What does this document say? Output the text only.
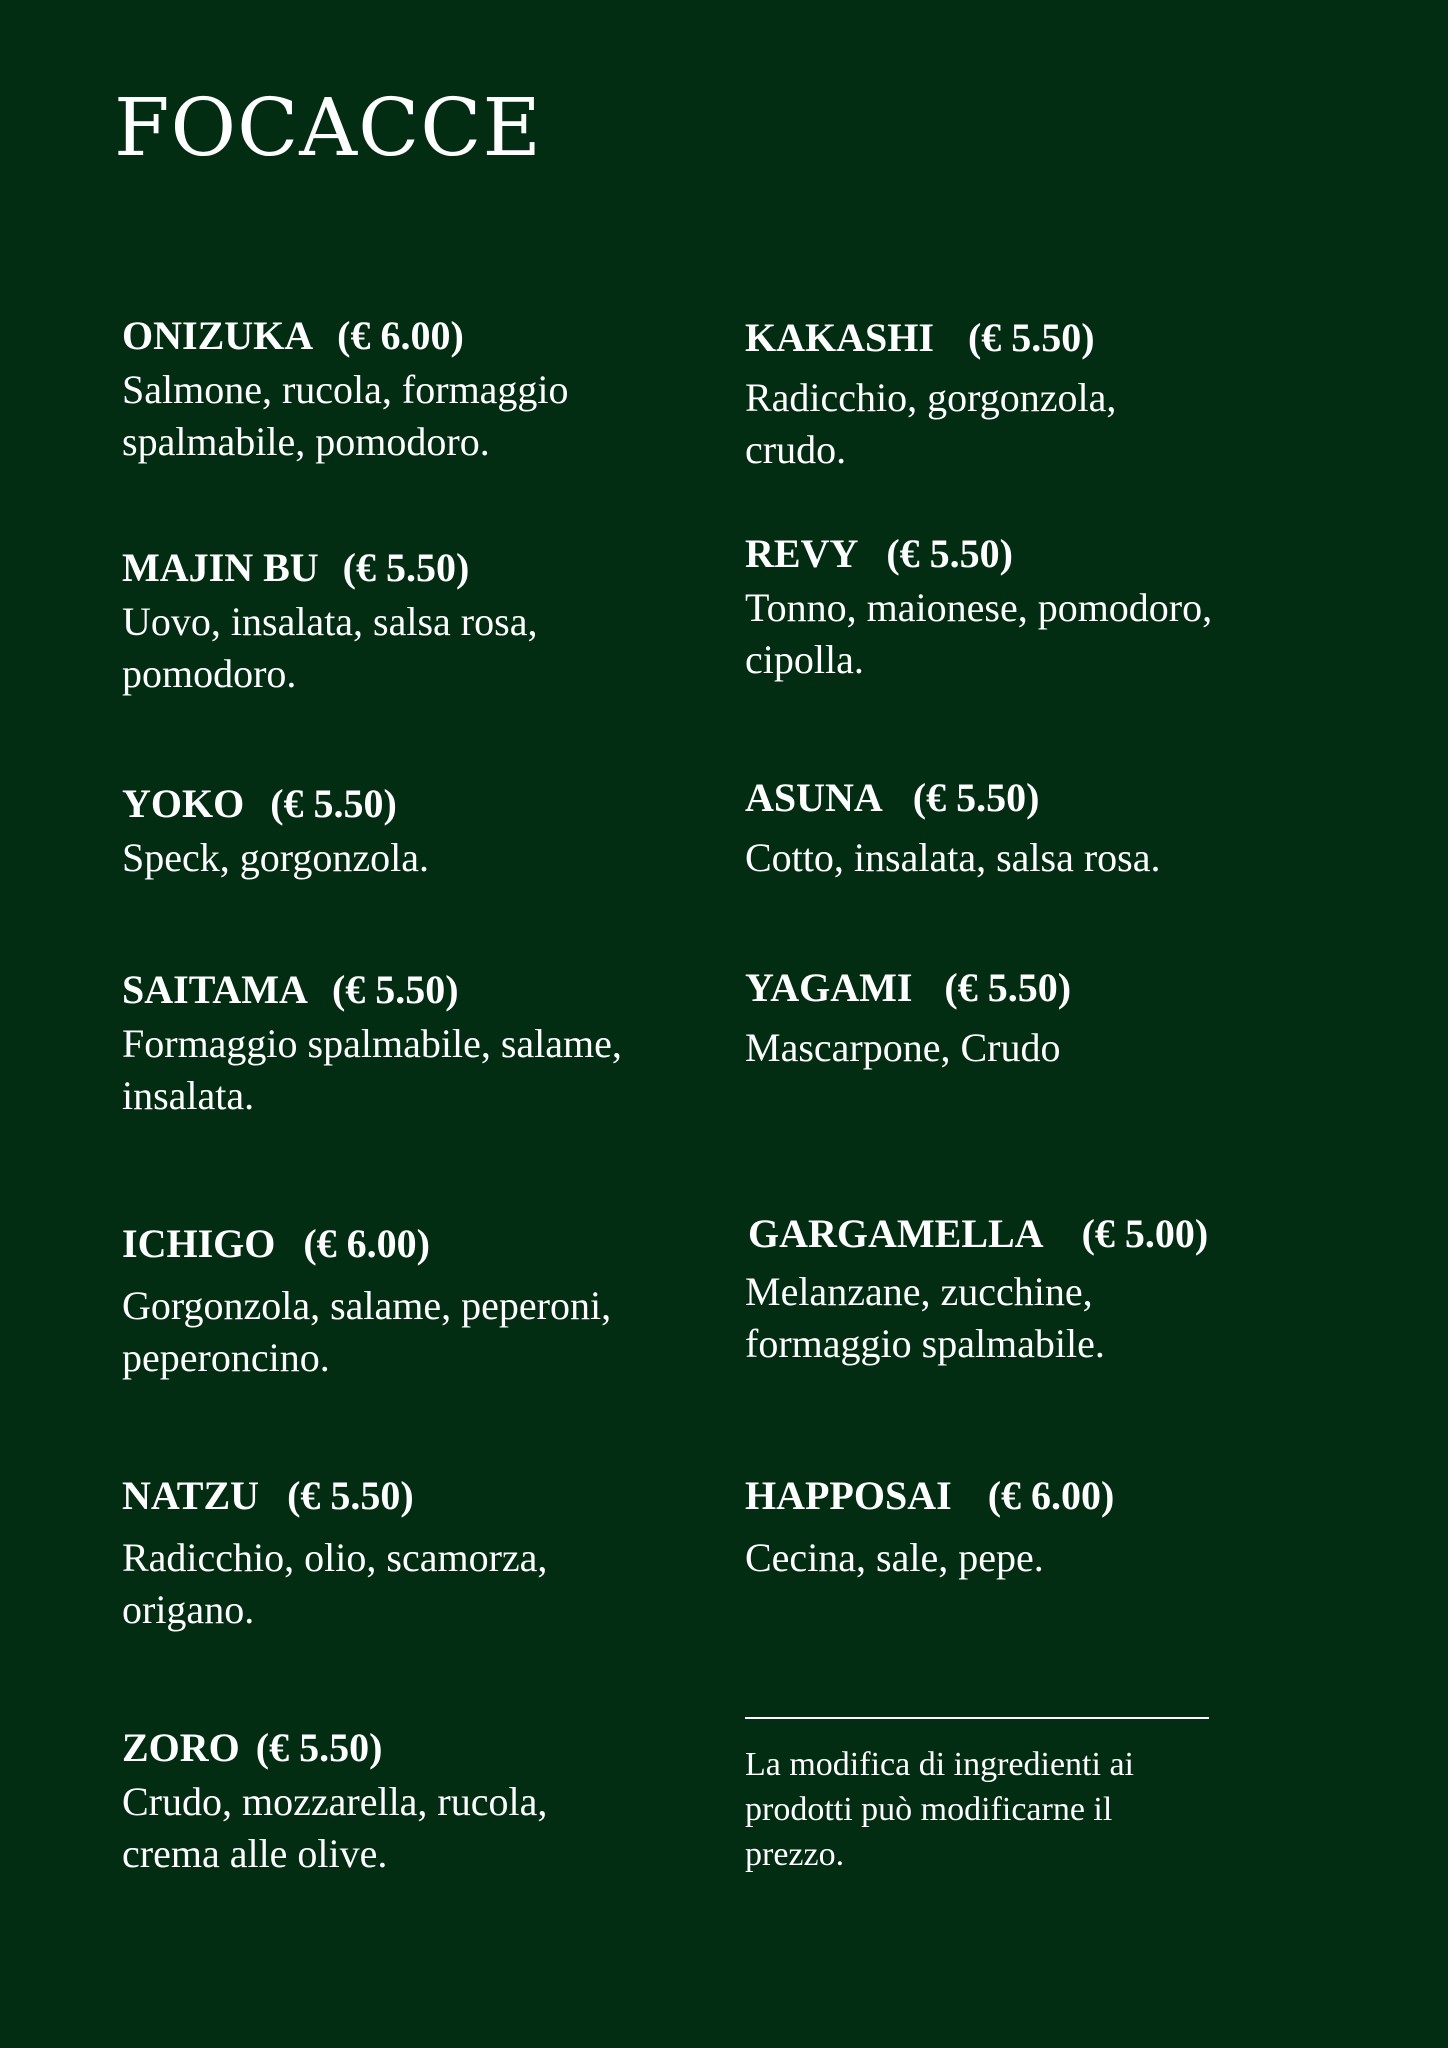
FOCACCE
ONIZUKA (€ 6.00)
Salmone, rucola, formaggio spalmabile, pomodoro.
MAJIN BU (€ 5.50)
Uovo, insalata, salsa rosa, pomodoro.
YOKO (€ 5.50)
Speck, gorgonzola.
SAITAMA (€ 5.50)
Formaggio spalmabile, salame, insalata.
ICHIGO (€ 6.00)
Gorgonzola, salame, peperoni, peperoncino.
NATZU (€ 5.50)
Radicchio, olio, scamorza, origano.
ZORO (€ 5.50)
Crudo, mozzarella, rucola, crema alle olive.
KAKASHI (€ 5.50)
Radicchio, gorgonzola, crudo.
REVY (€ 5.50)
Tonno, maionese, pomodoro, cipolla.
ASUNA (€ 5.50)
Cotto, insalata, salsa rosa.
YAGAMI (€ 5.50)
Mascarpone, Crudo
GARGAMELLA (€ 5.00)
Melanzane, zucchine, formaggio spalmabile.
HAPPOSAI (€ 6.00)
Cecina, sale, pepe.
La modifica di ingredienti ai prodotti può modificarne il prezzo.
